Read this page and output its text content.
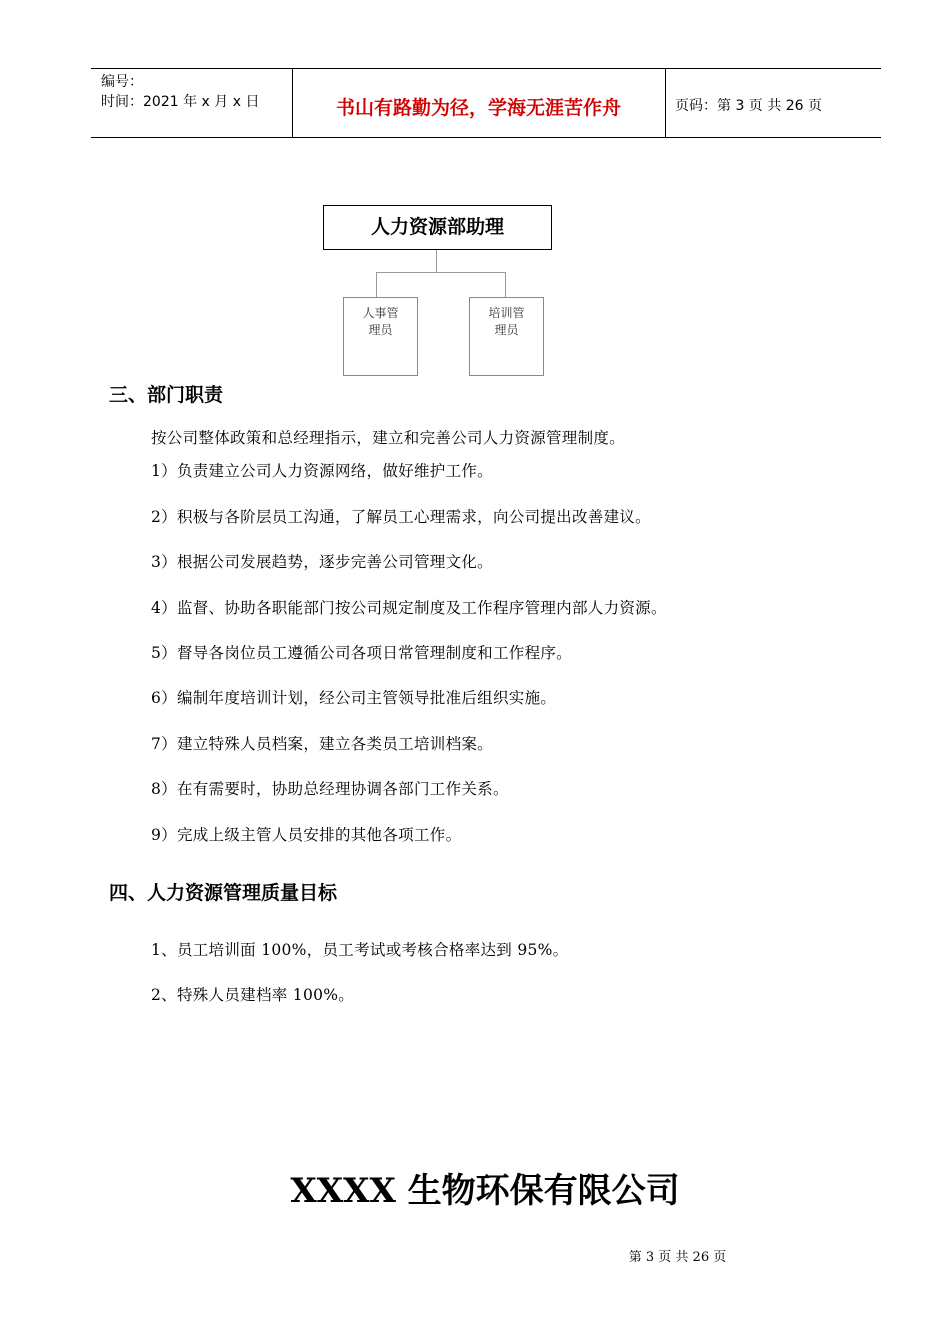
编号：
时间：2021 年 x 月 x 日	书山有路勤为径，学海无涯苦作舟	页码：第 3 页 共 26 页
人力资源部助理
人事管
理员
培训管
理员
三、部门职责
按公司整体政策和总经理指示，建立和完善公司人力资源管理制度。
1）负责建立公司人力资源网络，做好维护工作。
2）积极与各阶层员工沟通，了解员工心理需求，向公司提出改善建议。
3）根据公司发展趋势，逐步完善公司管理文化。
4）监督、协助各职能部门按公司规定制度及工作程序管理内部人力资源。
5）督导各岗位员工遵循公司各项日常管理制度和工作程序。
6）编制年度培训计划，经公司主管领导批准后组织实施。
7）建立特殊人员档案，建立各类员工培训档案。
8）在有需要时，协助总经理协调各部门工作关系。
9）完成上级主管人员安排的其他各项工作。
四、人力资源管理质量目标
1、员工培训面 100%，员工考试或考核合格率达到 95%。
2、特殊人员建档率 100%。
XXXX 生物环保有限公司
第 3 页 共 26 页
